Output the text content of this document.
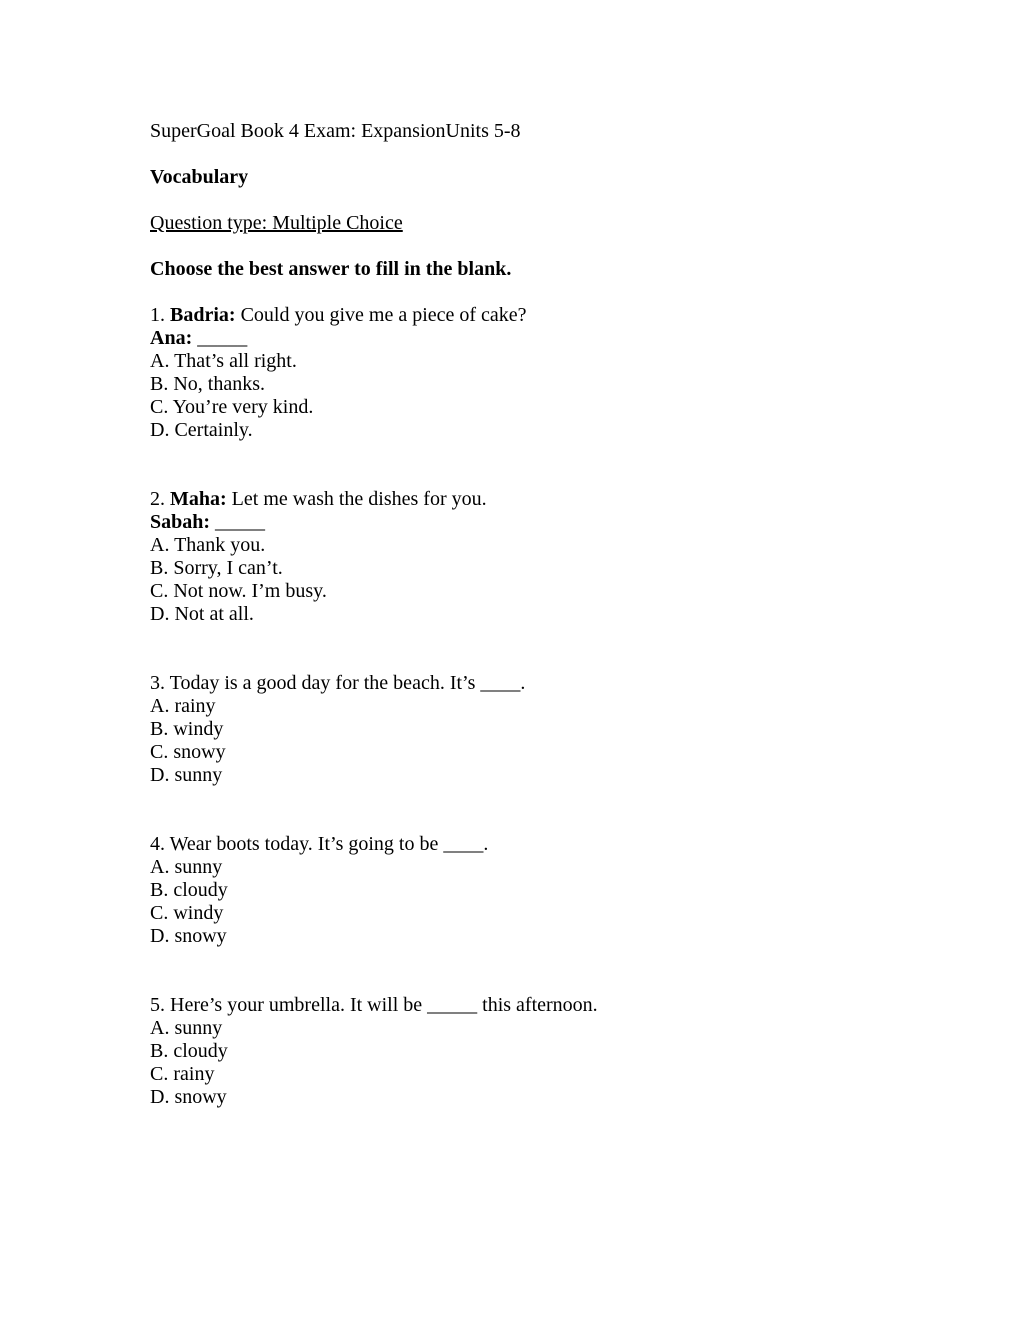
SuperGoal Book 4 Exam: ExpansionUnits 5-8

Vocabulary

Question type: Multiple Choice

Choose the best answer to fill in the blank.

1. Badria: Could you give me a piece of cake?
Ana: _____
A. That’s all right.
B. No, thanks.
C. You’re very kind.
D. Certainly.
2. Maha: Let me wash the dishes for you.
Sabah: _____
A. Thank you.
B. Sorry, I can’t.
C. Not now. I’m busy.
D. Not at all.
3. Today is a good day for the beach. It’s ____.
A. rainy
B. windy
C. snowy
D. sunny
4. Wear boots today. It’s going to be ____.
A. sunny
B. cloudy
C. windy
D. snowy
5. Here’s your umbrella. It will be _____ this afternoon.
A. sunny
B. cloudy
C. rainy
D. snowy
